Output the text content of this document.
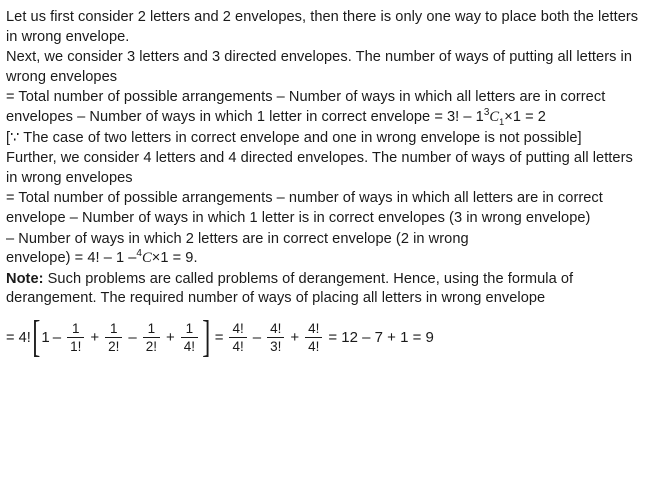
Let us first consider 2 letters and 2 envelopes, then there is only one way to place both the letters in wrong envelope.

Next, we consider 3 letters and 3 directed envelopes. The number of ways of putting all letters in wrong envelopes

= Total number of possible arrangements – Number of ways in which all letters are in correct envelopes – Number of ways in which 1 letter in correct envelope = 3! – $1^3C_1\times 1 = 2$

[∵ The case of two letters in correct envelope and one in wrong envelope is not possible]

Further, we consider 4 letters and 4 directed envelopes. The number of ways of putting all letters in wrong envelopes

= Total number of possible arrangements – number of ways in which all letters are in correct envelope – Number of ways in which 1 letter is in correct envelopes (3 in wrong envelope)

– Number of ways in which 2 letters are in correct envelope (2 in wrong envelope) = 4! – 1 –$^4$C×1 = 9.

Note: Such problems are called problems of derangement. Hence, using the formula of derangement. The required number of ways of placing all letters in wrong envelope

= 4! [ $1 - \frac{1}{1!} + \frac{1}{2!} - \frac{1}{2!} + \frac{1}{4!}$ ] = $\frac{4!}{4!} - \frac{4!}{3!} + \frac{4!}{4!} = 12 - 7 + 1 = 9$
